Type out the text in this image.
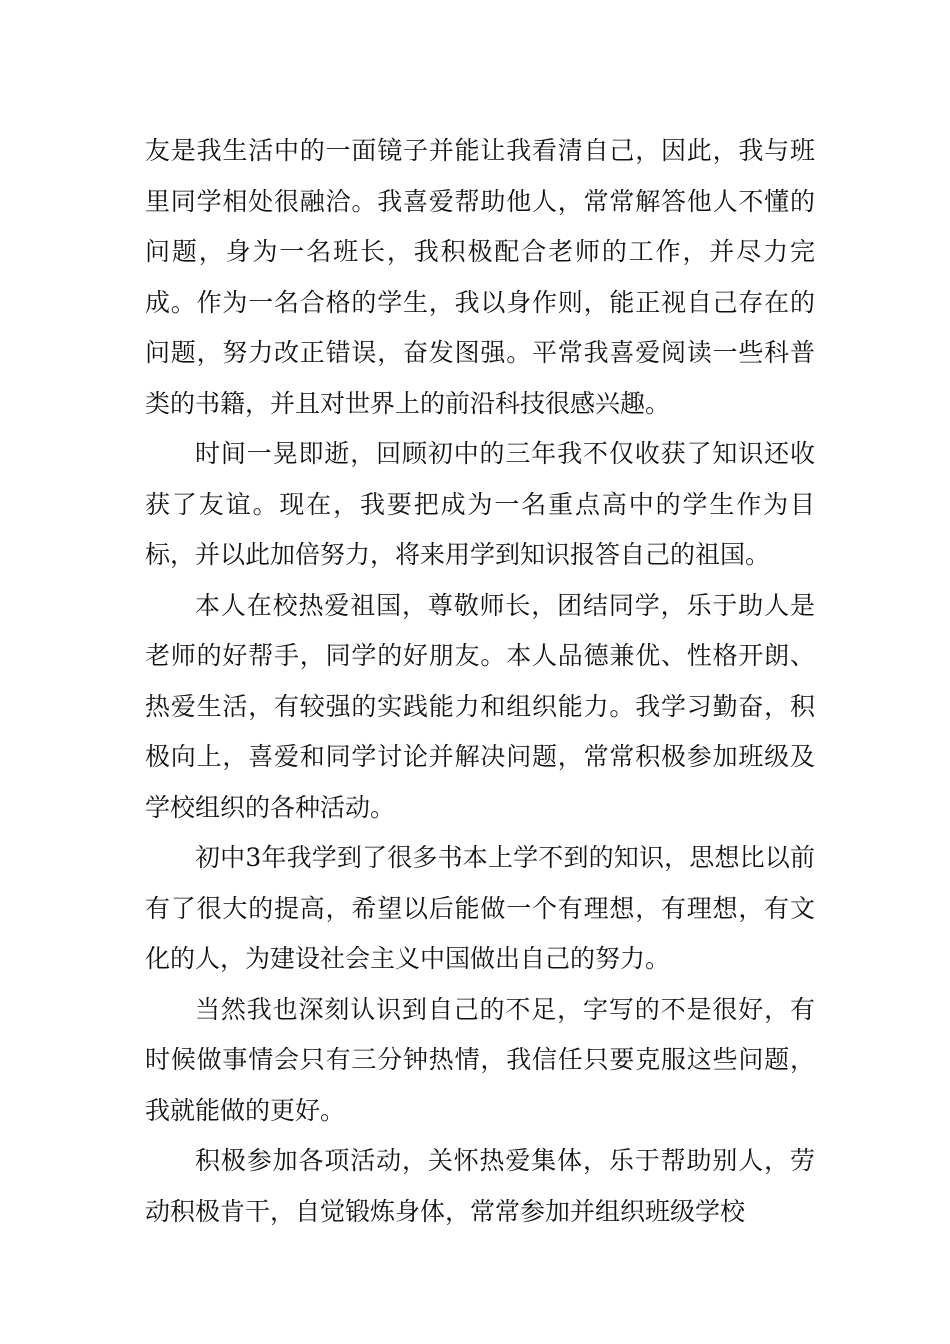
友是我生活中的一面镜子并能让我看清自己，因此，我与班里同学相处很融洽。我喜爱帮助他人，常常解答他人不懂的问题，身为一名班长，我积极配合老师的工作，并尽力完成。作为一名合格的学生，我以身作则，能正视自己存在的问题，努力改正错误，奋发图强。平常我喜爱阅读一些科普类的书籍，并且对世界上的前沿科技很感兴趣。

时间一晃即逝，回顾初中的三年我不仅收获了知识还收获了友谊。现在，我要把成为一名重点高中的学生作为目标，并以此加倍努力，将来用学到知识报答自己的祖国。

本人在校热爱祖国，尊敬师长，团结同学，乐于助人是老师的好帮手，同学的好朋友。本人品德兼优、性格开朗、热爱生活，有较强的实践能力和组织能力。我学习勤奋，积极向上，喜爱和同学讨论并解决问题，常常积极参加班级及学校组织的各种活动。

初中3年我学到了很多书本上学不到的知识，思想比以前有了很大的提高，希望以后能做一个有理想，有理想，有文化的人，为建设社会主义中国做出自己的努力。

当然我也深刻认识到自己的不足，字写的不是很好，有时候做事情会只有三分钟热情，我信任只要克服这些问题，我就能做的更好。

积极参加各项活动，关怀热爱集体，乐于帮助别人，劳动积极肯干，自觉锻炼身体，常常参加并组织班级学校
